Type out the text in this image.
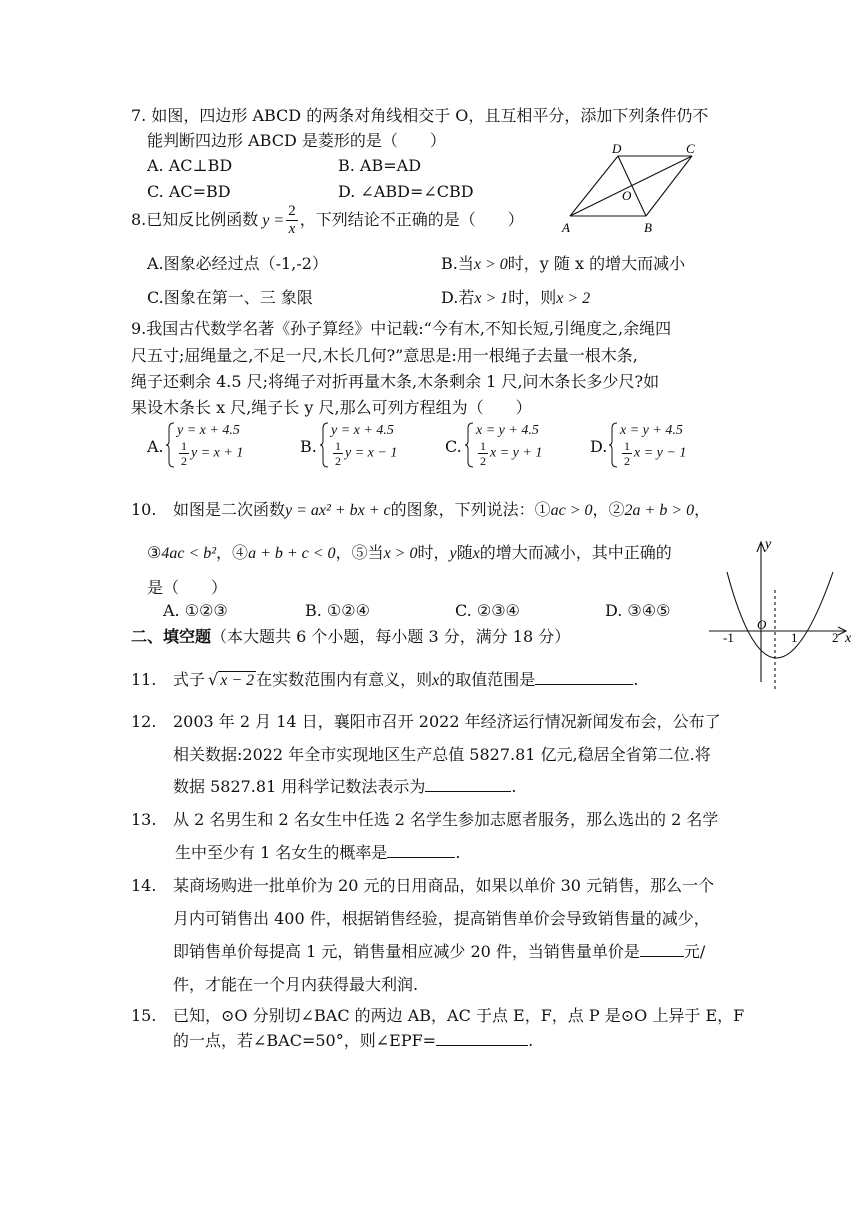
7. 如图，四边形 ABCD 的两条对角线相交于 O，且互相平分，添加下列条件仍不
能判断四边形 ABCD 是菱形的是（　　）
A. AC⊥BD	B. AB=AD
C. AC=BD	D. ∠ABD=∠CBD
A	B
C
D
O
8.已知反比例函数 $y = \frac{2}{x}$ ，下列结论不正确的是（　　）
A.图象必经过点（-1,-2）	B.当x > 0时，y 随 x 的增大而减小
C.图象在第一、三 象限	D.若x > 1时，则x > 2
9.我国古代数学名著《孙子算经》中记载:“今有木,不知长短,引绳度之,余绳四
尺五寸;屈绳量之,不足一尺,木长几何?”意思是:用一根绳子去量一根木条,
绳子还剩余 4.5 尺;将绳子对折再量木条,木条剩余 1 尺,问木条长多少尺?如
果设木条长 x 尺,绳子长 y 尺,那么可列方程组为（　　）
A.
y = x + 4.5
$\frac{1}{2}$ y = x + 1	B.
y = x + 4.5
$\frac{1}{2}$ y = x − 1	C.
x = y + 4.5
$\frac{1}{2}$ x = y + 1	D.
x = y + 4.5
$\frac{1}{2}$ x = y − 1
10. 如图是二次函数y = ax² + bx + c的图象，下列说法：①ac > 0，②2a + b > 0，
③4ac < b²，④a + b + c < 0，⑤当x > 0时，y随x的增大而减小，其中正确的
是（　　）
A. ①②③	B. ①②④	C. ②③④	D. ③④⑤
y
x
O
-1	1	2
二、填空题（本大题共 6 个小题，每小题 3 分，满分 18 分）
11. 式子 √ x − 2 在实数范围内有意义，则x的取值范围是	.
12. 2003 年 2 月 14 日，襄阳市召开 2022 年经济运行情况新闻发布会，公布了
相关数据:2022 年全市实现地区生产总值 5827.81 亿元,稳居全省第二位.将
数据 5827.81 用科学记数法表示为	.
13. 从 2 名男生和 2 名女生中任选 2 名学生参加志愿者服务，那么选出的 2 名学
生中至少有 1 名女生的概率是	.
14. 某商场购进一批单价为 20 元的日用商品，如果以单价 30 元销售，那么一个
月内可销售出 400 件，根据销售经验，提高销售单价会导致销售量的减少，
即销售单价每提高 1 元，销售量相应减少 20 件，当销售量单价是	元/
件，才能在一个月内获得最大利润.
15. 已知，⊙O 分别切∠BAC 的两边 AB，AC 于点 E，F，点 P 是⊙O 上异于 E，F
的一点，若∠BAC=50°，则∠EPF=	.
